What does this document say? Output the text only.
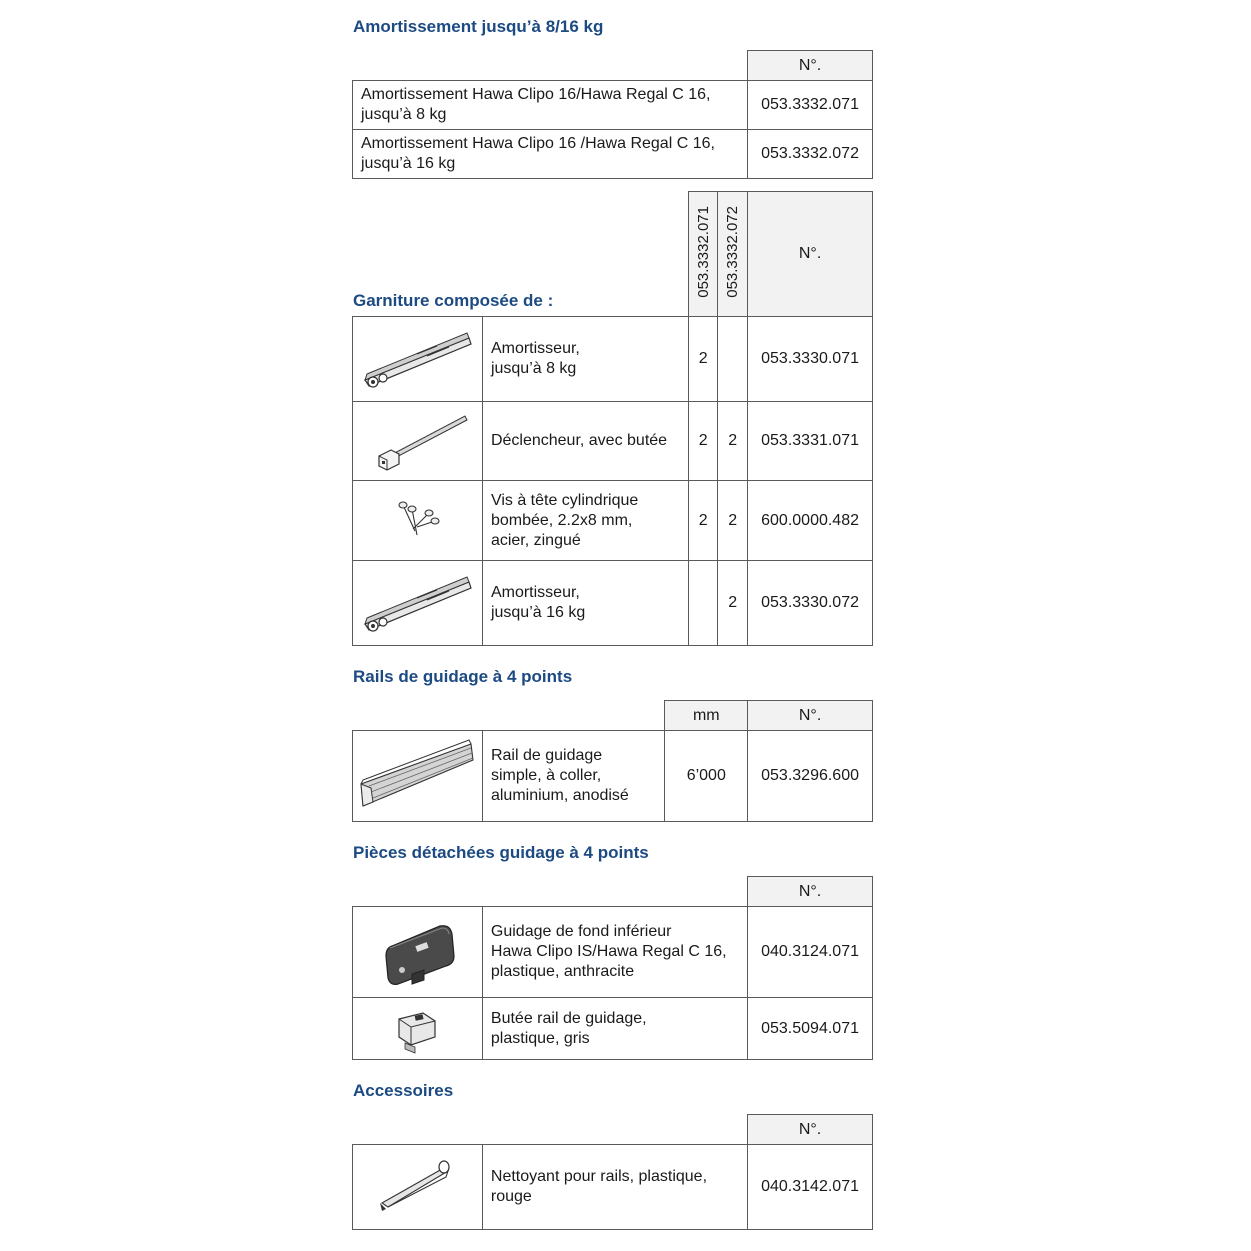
Amortissement jusqu’à 8/16 kg
	N°.

Amortissement Hawa Clipo 16/Hawa Regal C 16,
jusqu’à 8 kg	053.3332.071

Amortissement Hawa Clipo 16 /Hawa Regal C 16,
jusqu’à 16 kg	053.3332.072
Garniture composée de :
		053.3332.071	053.3332.072	N°.

Amortisseur,
jusqu’à 8 kg	2		053.3330.071

Déclencheur, avec butée	2	2	053.3331.071

Vis à tête cylindrique
bombée, 2.2x8 mm,
acier, zingué	2	2	600.0000.482

Amortisseur,
jusqu’à 16 kg		2	053.3330.072
Rails de guidage à 4 points
		mm	N°.

Rail de guidage
simple, à coller,
aluminium, anodisé	6’000	053.3296.600
Pièces détachées guidage à 4 points
		N°.

Guidage de fond inférieur
Hawa Clipo IS/Hawa Regal C 16,
plastique, anthracite	040.3124.071

Butée rail de guidage,
plastique, gris	053.5094.071
Accessoires
		N°.

Nettoyant pour rails, plastique,
rouge	040.3142.071
